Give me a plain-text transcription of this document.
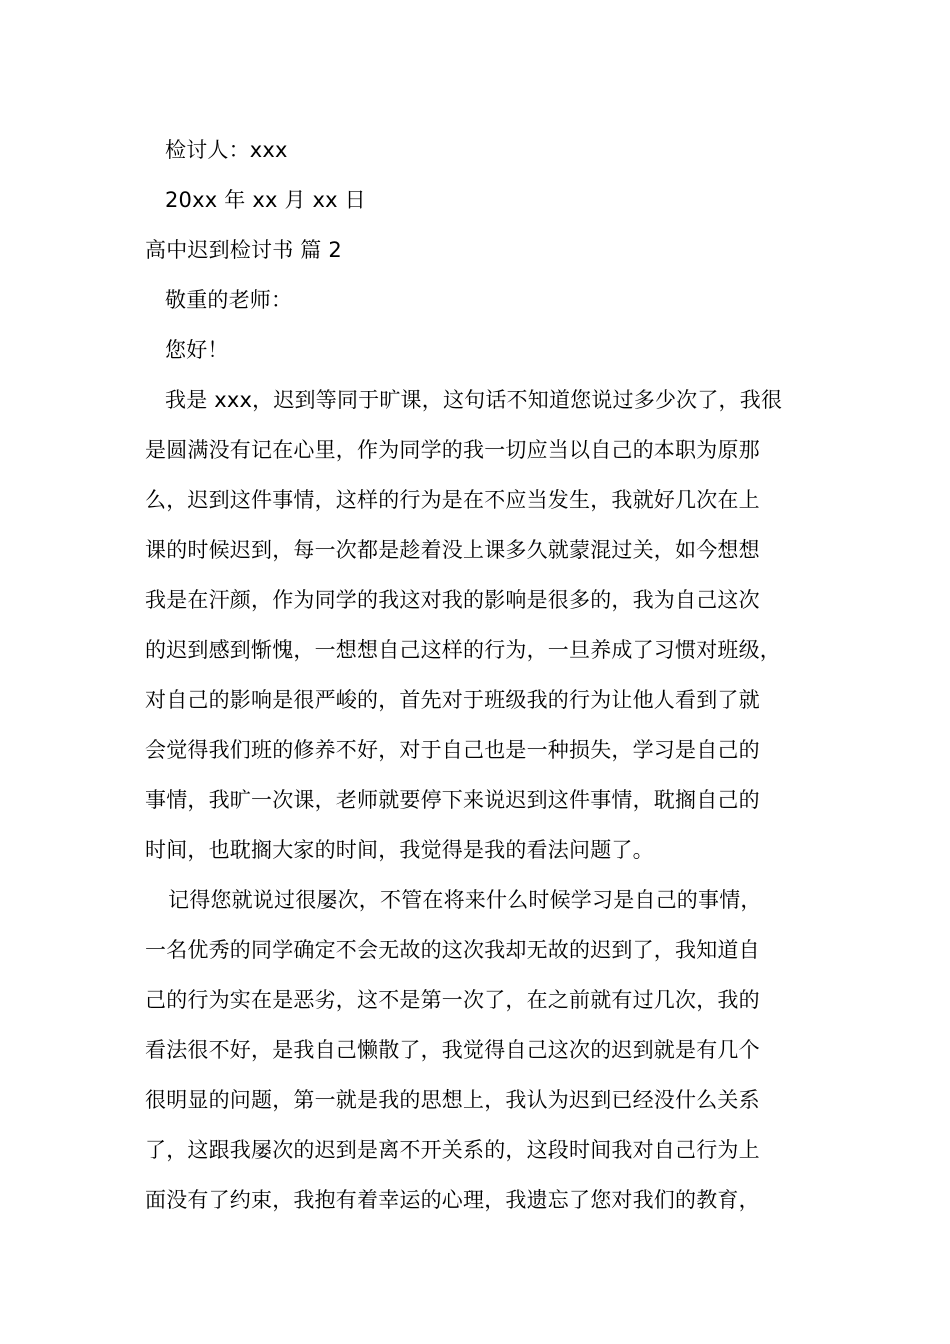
检讨人：xxx
20xx 年 xx 月 xx 日
高中迟到检讨书 篇 2
敬重的老师：
您好！
我是 xxx，迟到等同于旷课，这句话不知道您说过多少次了，我很
是圆满没有记在心里，作为同学的我一切应当以自己的本职为原那
么，迟到这件事情，这样的行为是在不应当发生，我就好几次在上
课的时候迟到，每一次都是趁着没上课多久就蒙混过关，如今想想
我是在汗颜，作为同学的我这对我的影响是很多的，我为自己这次
的迟到感到惭愧，一想想自己这样的行为，一旦养成了习惯对班级，
对自己的影响是很严峻的，首先对于班级我的行为让他人看到了就
会觉得我们班的修养不好，对于自己也是一种损失，学习是自己的
事情，我旷一次课，老师就要停下来说迟到这件事情，耽搁自己的
时间，也耽搁大家的时间，我觉得是我的看法问题了。
记得您就说过很屡次，不管在将来什么时候学习是自己的事情，
一名优秀的同学确定不会无故的这次我却无故的迟到了，我知道自
己的行为实在是恶劣，这不是第一次了，在之前就有过几次，我的
看法很不好，是我自己懒散了，我觉得自己这次的迟到就是有几个
很明显的问题，第一就是我的思想上，我认为迟到已经没什么关系
了，这跟我屡次的迟到是离不开关系的，这段时间我对自己行为上
面没有了约束，我抱有着幸运的心理，我遗忘了您对我们的教育，
